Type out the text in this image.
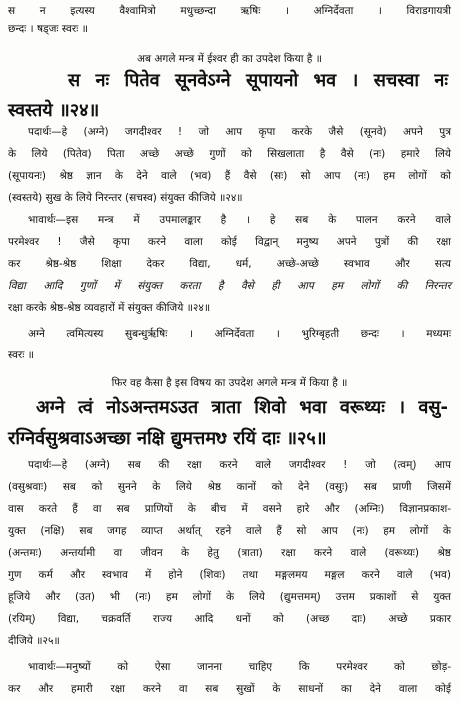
स न इत्यस्य वैश्वामित्रो मधुच्छन्दा ऋषिः । अग्निर्देवता । विराडगायत्री
छन्दः । षड्जः स्वरः ॥
अब अगले मन्त्र में ईश्वर ही का उपदेश किया है ॥
स नः पितेव सूनवेऽग्ने सूपायनो भव । सचस्वा नः
स्वस्तये ॥२४॥
पदार्थः—हे (अग्ने) जगदीश्वर ! जो आप कृपा करके जैसे (सूनवे) अपने पुत्र
के लिये (पितेव) पिता अच्छे अच्छे गुणों को सिखलाता है वैसे (नः) हमारे लिये
(सूपायनः) श्रेष्ठ ज्ञान के देने वाले (भव) हैं वैसे (सः) सो आप (नः) हम लोगों को
(स्वस्तये) सुख के लिये निरन्तर (सचस्व) संयुक्त कीजिये ॥२४॥
भावार्थः—इस मन्त्र में उपमालङ्कार है । हे सब के पालन करने वाले
परमेश्वर ! जैसे कृपा करने वाला कोई विद्वान् मनुष्य अपने पुत्रों की रक्षा
कर श्रेष्ठ-श्रेष्ठ शिक्षा देकर विद्या, धर्म, अच्छे-अच्छे स्वभाव और सत्य
विद्या आदि गुणों में संयुक्त करता है वैसे ही आप हम लोगों की निरन्तर
रक्षा करके श्रेष्ठ-श्रेष्ठ व्यवहारों में संयुक्त कीजिये ॥२४॥
अग्ने त्वमित्यस्य सुबन्धुर्ऋषिः । अग्निर्देवता । भुरिग्बृहती छन्दः । मध्यमः
स्वरः ॥
फिर वह कैसा है इस विषय का उपदेश अगले मन्त्र में किया है ॥
अग्ने त्वं नोऽअन्तमऽउत त्राता शिवो भवा वरूथ्यः । वसु-
रग्निर्वसुश्रवाऽअच्छा नक्षि द्युमत्तमᳪ रयिं दाः ॥२५॥
पदार्थः—हे (अग्ने) सब की रक्षा करने वाले जगदीश्वर ! जो (त्वम्) आप
(वसुश्रवाः) सब को सुनने के लिये श्रेष्ठ कानों को देने (वसुः) सब प्राणी जिसमें
वास करते हैं वा सब प्राणियों के बीच में वसने हारे और (अग्निः) विज्ञानप्रकाश-
युक्त (नक्षि) सब जगह व्याप्त अर्थात् रहने वाले हैं सो आप (नः) हम लोगों के
(अन्तमः) अन्तर्यामी वा जीवन के हेतु (त्राता) रक्षा करने वाले (वरूथ्यः) श्रेष्ठ
गुण कर्म और स्वभाव में होने (शिवः) तथा मङ्गलमय मङ्गल करने वाले (भव)
हूजिये और (उत) भी (नः) हम लोगों के लिये (द्युमत्तमम्) उत्तम प्रकाशों से युक्त
(रयिम्) विद्या, चक्रवर्ति राज्य आदि धनों को (अच्छ दाः) अच्छे प्रकार
दीजिये ॥२५॥
भावार्थः—मनुष्यों को ऐसा जानना चाहिए कि परमेश्वर को छोड़-
कर और हमारी रक्षा करने वा सब सुखों के साधनों का देने वाला कोई
